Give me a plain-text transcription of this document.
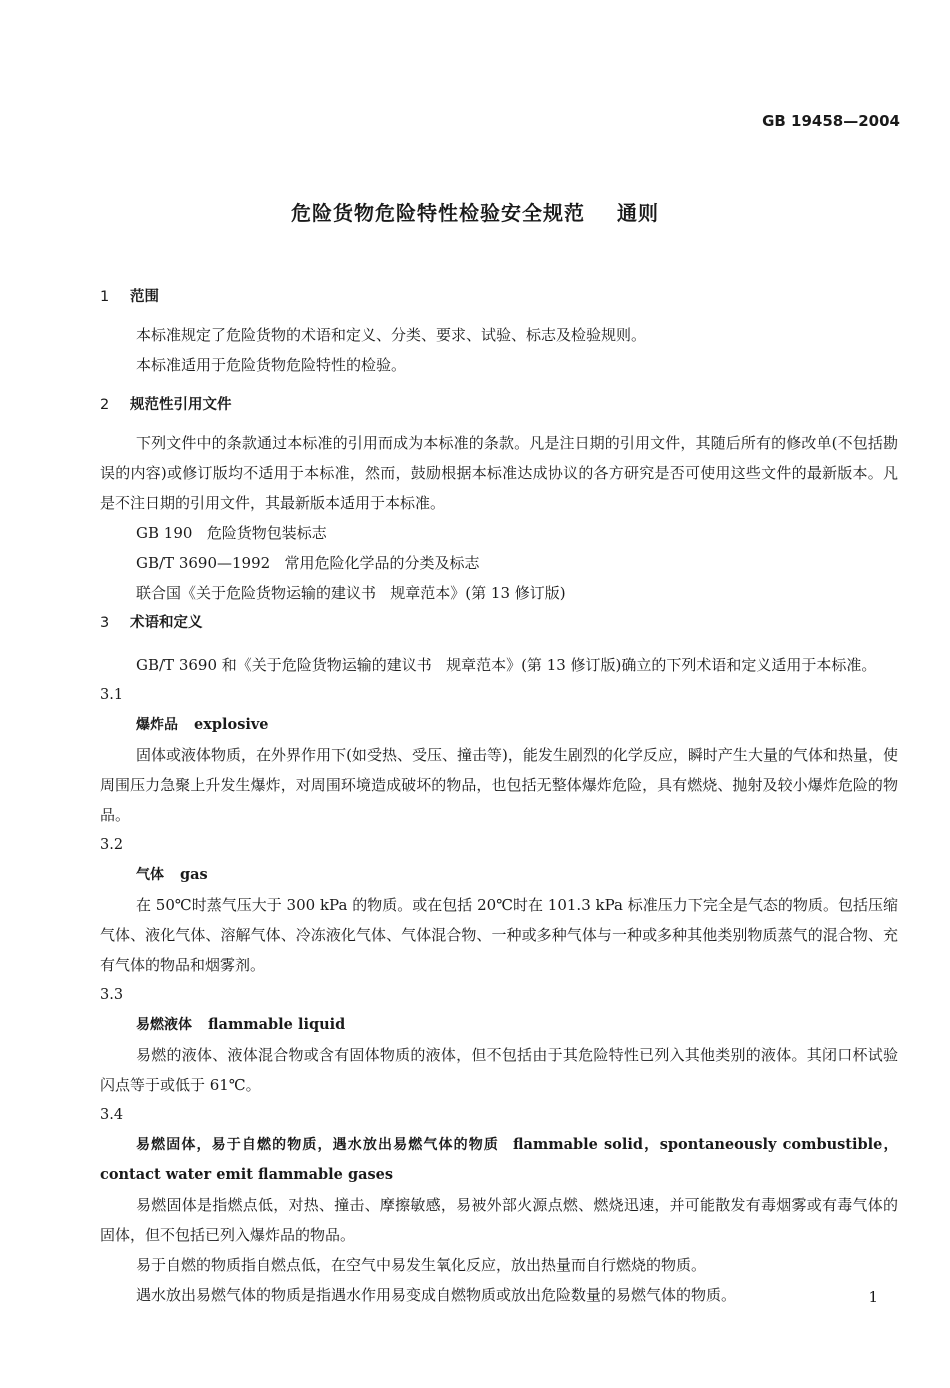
GB 19458—2004
危险货物危险特性检验安全规范 通则
1 范围
本标准规定了危险货物的术语和定义、分类、要求、试验、标志及检验规则。
本标准适用于危险货物危险特性的检验。
2 规范性引用文件
下列文件中的条款通过本标准的引用而成为本标准的条款。凡是注日期的引用文件，其随后所有的修改单(不包括勘误的内容)或修订版均不适用于本标准，然而，鼓励根据本标准达成协议的各方研究是否可使用这些文件的最新版本。凡是不注日期的引用文件，其最新版本适用于本标准。
GB 190   危险货物包装标志
GB/T 3690—1992   常用危险化学品的分类及标志
联合国《关于危险货物运输的建议书   规章范本》(第 13 修订版)
3 术语和定义
GB/T 3690 和《关于危险货物运输的建议书   规章范本》(第 13 修订版)确立的下列术语和定义适用于本标准。
3.1
爆炸品 explosive
固体或液体物质，在外界作用下(如受热、受压、撞击等)，能发生剧烈的化学反应，瞬时产生大量的气体和热量，使周围压力急聚上升发生爆炸，对周围环境造成破坏的物品，也包括无整体爆炸危险，具有燃烧、抛射及较小爆炸危险的物品。
3.2
气体 gas
在 50℃时蒸气压大于 300 kPa 的物质。或在包括 20℃时在 101.3 kPa 标准压力下完全是气态的物质。包括压缩气体、液化气体、溶解气体、冷冻液化气体、气体混合物、一种或多种气体与一种或多种其他类别物质蒸气的混合物、充有气体的物品和烟雾剂。
3.3
易燃液体 flammable liquid
易燃的液体、液体混合物或含有固体物质的液体，但不包括由于其危险特性已列入其他类别的液体。其闭口杯试验闪点等于或低于 61℃。
3.4
易燃固体，易于自燃的物质，遇水放出易燃气体的物质 flammable solid，spontaneously combustible，contact water emit flammable gases
易燃固体是指燃点低，对热、撞击、摩擦敏感，易被外部火源点燃、燃烧迅速，并可能散发有毒烟雾或有毒气体的固体，但不包括已列入爆炸品的物品。
易于自燃的物质指自燃点低，在空气中易发生氧化反应，放出热量而自行燃烧的物质。
遇水放出易燃气体的物质是指遇水作用易变成自燃物质或放出危险数量的易燃气体的物质。	1
